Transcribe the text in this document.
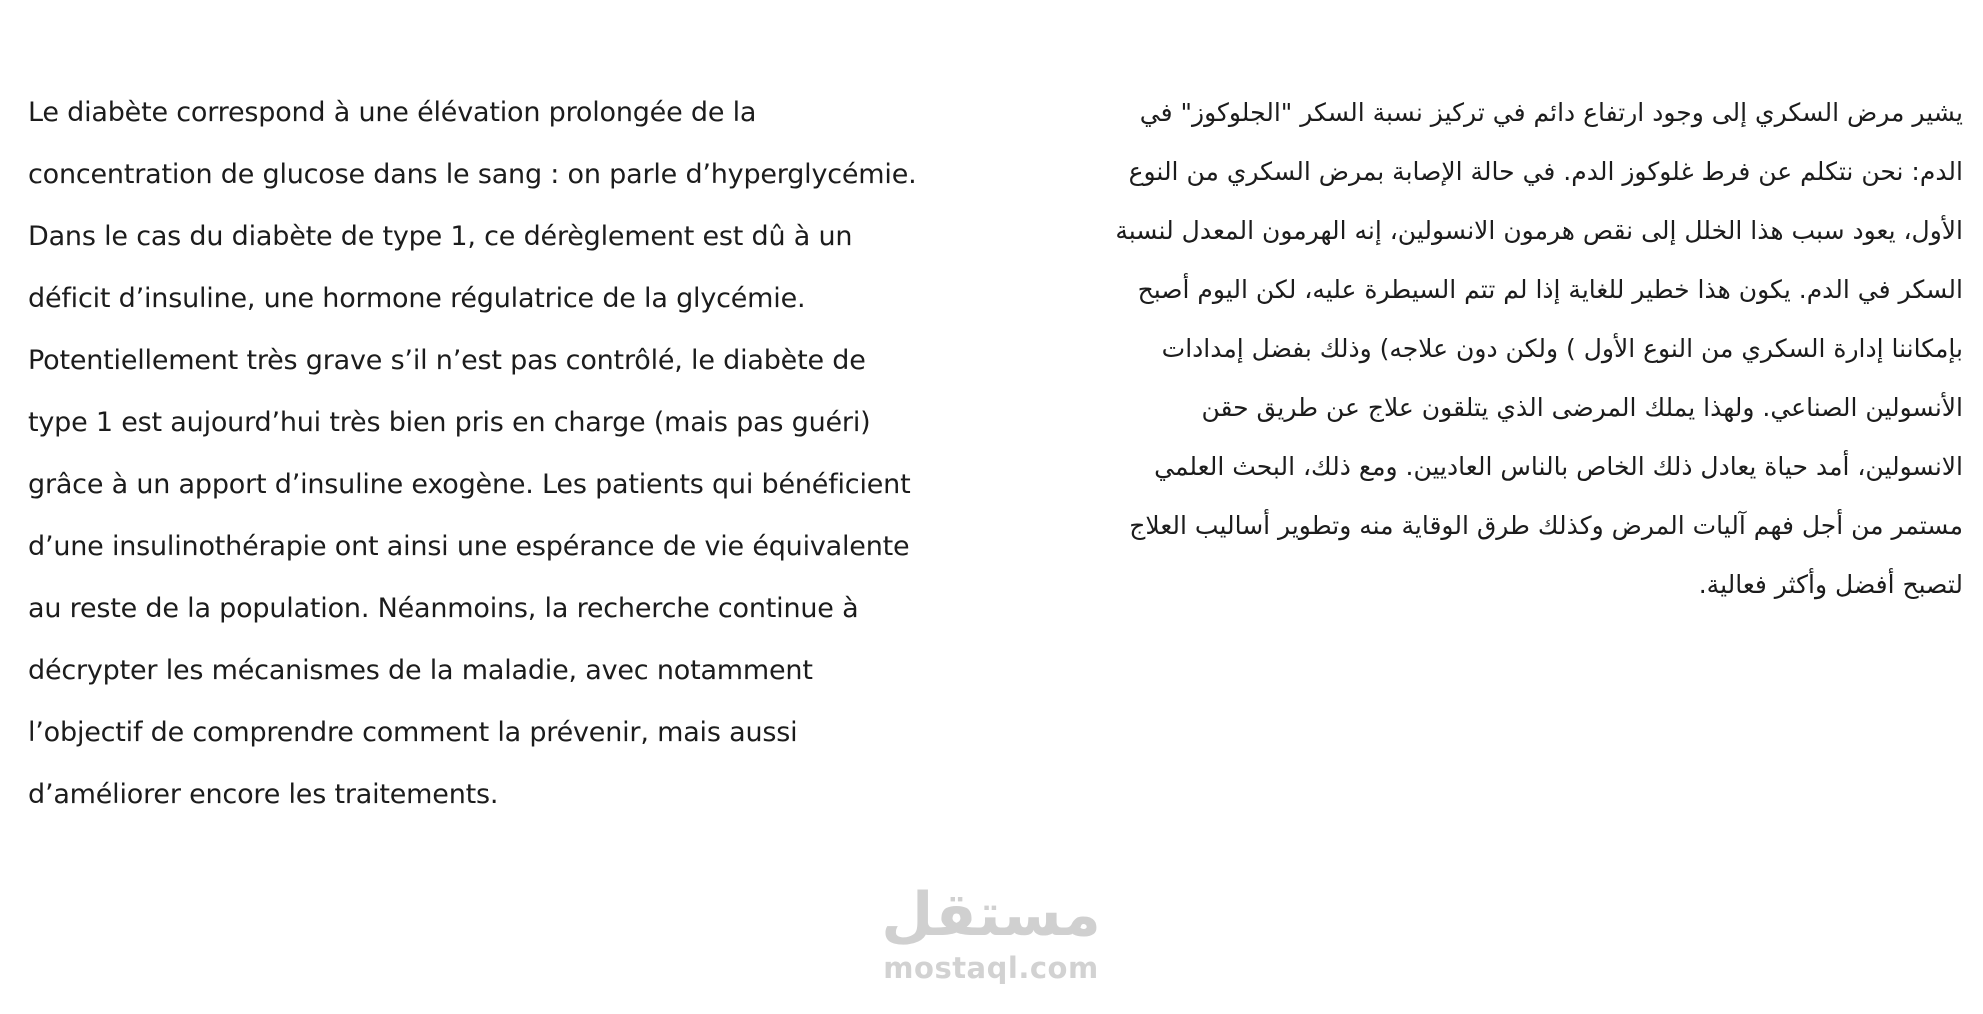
Le diabète correspond à une élévation prolongée de la
concentration de glucose dans le sang : on parle d’hyperglycémie.
Dans le cas du diabète de type 1, ce dérèglement est dû à un
déficit d’insuline, une hormone régulatrice de la glycémie.
Potentiellement très grave s’il n’est pas contrôlé, le diabète de
type 1 est aujourd’hui très bien pris en charge (mais pas guéri)
grâce à un apport d’insuline exogène. Les patients qui bénéficient
d’une insulinothérapie ont ainsi une espérance de vie équivalente
au reste de la population. Néanmoins, la recherche continue à
décrypter les mécanismes de la maladie, avec notamment
l’objectif de comprendre comment la prévenir, mais aussi
d’améliorer encore les traitements.
يشير مرض السكري إلى وجود ارتفاع دائم في تركيز نسبة السكر "الجلوكوز" في
الدم: نحن نتكلم عن فرط غلوكوز الدم. في حالة الإصابة بمرض السكري من النوع
الأول، يعود سبب هذا الخلل إلى نقص هرمون الانسولين، إنه الهرمون المعدل لنسبة
السكر في الدم. يكون هذا خطير للغاية إذا لم تتم السيطرة عليه، لكن اليوم أصبح
بإمكاننا إدارة السكري من النوع الأول ) ولكن دون علاجه) وذلك بفضل إمدادات
الأنسولين الصناعي. ولهذا يملك المرضى الذي يتلقون علاج عن طريق حقن
الانسولين، أمد حياة يعادل ذلك الخاص بالناس العاديين. ومع ذلك، البحث العلمي
مستمر من أجل فهم آليات المرض وكذلك طرق الوقاية منه وتطوير أساليب العلاج
لتصبح أفضل وأكثر فعالية.
مستقل
mostaql.com
